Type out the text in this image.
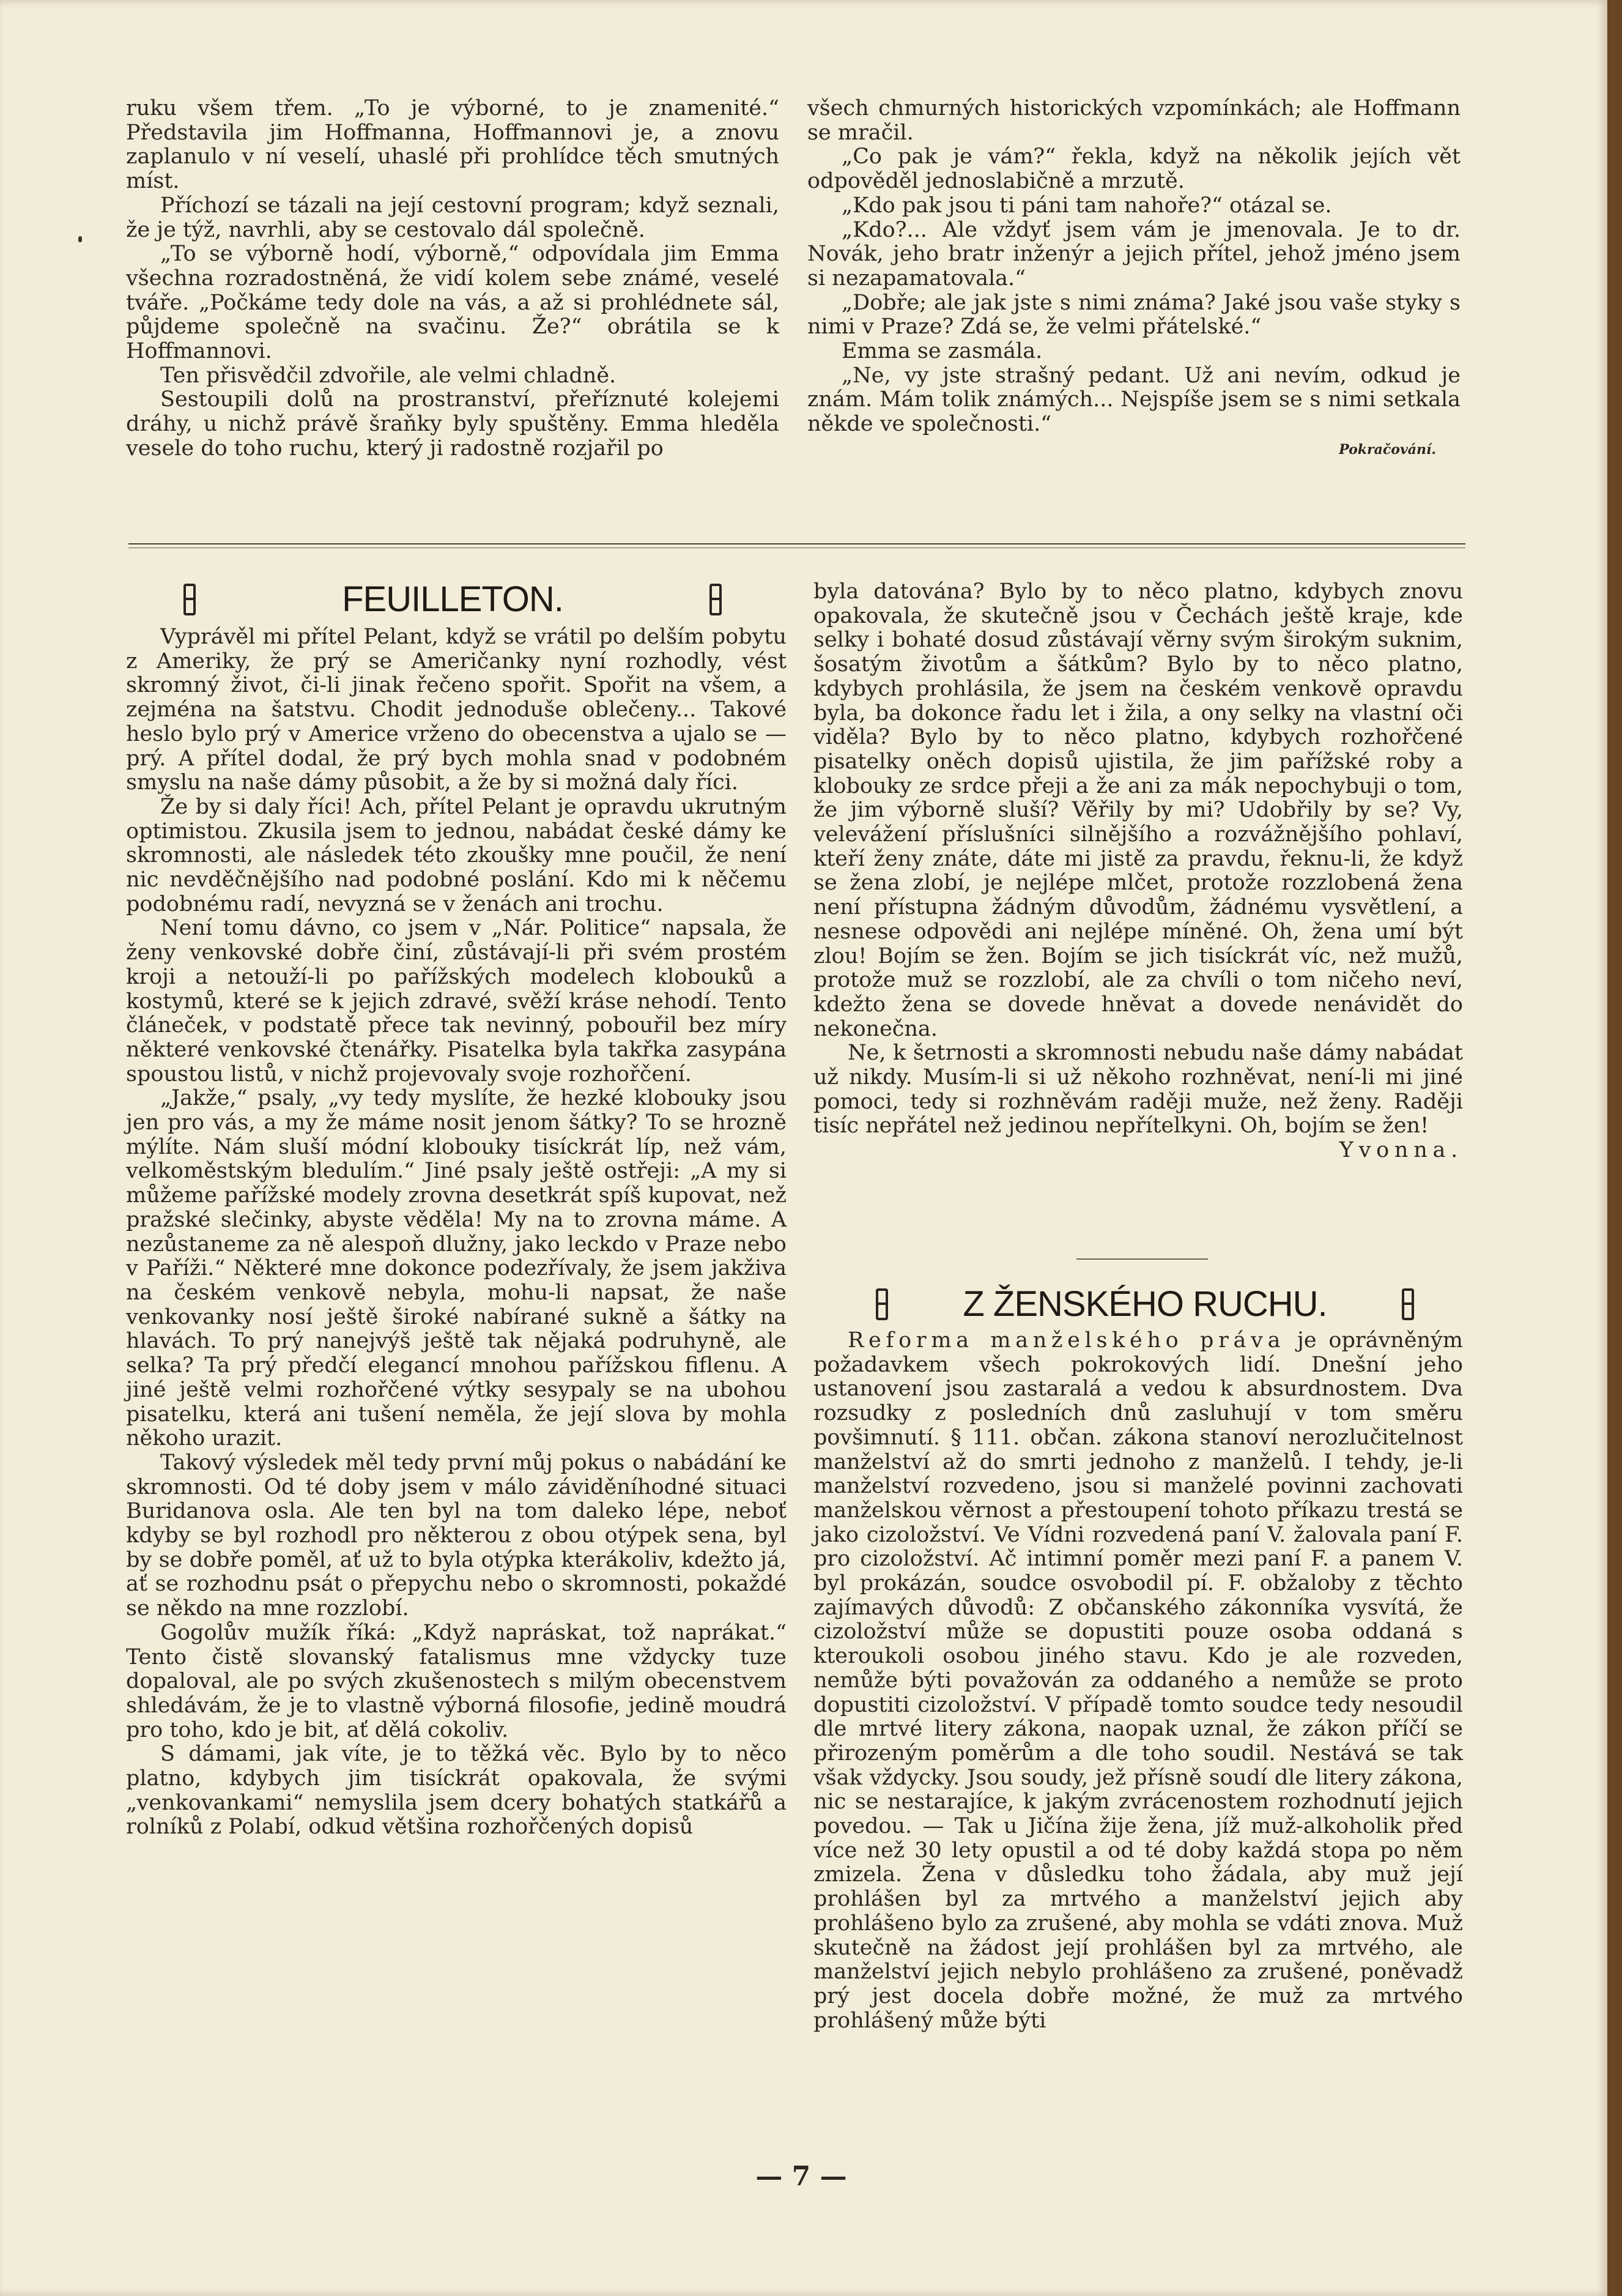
ruku všem třem. „To je výborné, to je znamenité.“ Představila jim Hoffmanna, Hoffmannovi je, a znovu zaplanulo v ní veselí, uhaslé při prohlídce těch smutných míst.

Příchozí se tázali na její cestovní program; když seznali, že je týž, navrhli, aby se cestovalo dál společně.

„To se výborně hodí, výborně,“ odpovídala jim Emma všechna rozradostněná, že vidí kolem sebe známé, veselé tváře. „Počkáme tedy dole na vás, a až si prohlédnete sál, půjdeme společně na svačinu. Že?“ obrátila se k Hoffmannovi.

Ten přisvědčil zdvořile, ale velmi chladně.

Sestoupili dolů na prostranství, přeříznuté kolejemi dráhy, u nichž právě šraňky byly spuštěny. Emma hleděla vesele do toho ruchu, který ji radostně rozjařil po

všech chmurných historických vzpomínkách; ale Hoffmann se mračil.

„Co pak je vám?“ řekla, když na několik jejích vět odpověděl jednoslabičně a mrzutě.

„Kdo pak jsou ti páni tam nahoře?“ otázal se.

„Kdo?... Ale vždyť jsem vám je jmenovala. Je to dr. Novák, jeho bratr inženýr a jejich přítel, jehož jméno jsem si nezapamatovala.“

„Dobře; ale jak jste s nimi známa? Jaké jsou vaše styky s nimi v Praze? Zdá se, že velmi přátelské.“

Emma se zasmála.

„Ne, vy jste strašný pedant. Už ani nevím, odkud je znám. Mám tolik známých... Nejspíše jsem se s nimi setkala někde ve společnosti.“

Pokračování.
FEUILLETON.

Vyprávěl mi přítel Pelant, když se vrátil po delším pobytu z Ameriky, že prý se Američanky nyní rozhodly, vést skromný život, či-li jinak řečeno spořit. Spořit na všem, a zejména na šatstvu. Chodit jednoduše oblečeny... Takové heslo bylo prý v Americe vrženo do obecenstva a ujalo se — prý. A přítel dodal, že prý bych mohla snad v podobném smyslu na naše dámy působit, a že by si možná daly říci.

Že by si daly říci! Ach, přítel Pelant je opravdu ukrutným optimistou. Zkusila jsem to jednou, nabádat české dámy ke skromnosti, ale následek této zkoušky mne poučil, že není nic nevděčnějšího nad podobné poslání. Kdo mi k něčemu podobnému radí, nevyzná se v ženách ani trochu.

Není tomu dávno, co jsem v „Nár. Politice“ napsala, že ženy venkovské dobře činí, zůstávají-li při svém prostém kroji a netouží-li po pařížských modelech klobouků a kostymů, které se k jejich zdravé, svěží kráse nehodí. Tento článeček, v podstatě přece tak nevinný, pobouřil bez míry některé venkovské čtenářky. Pisatelka byla takřka zasypána spoustou listů, v nichž projevovaly svoje rozhořčení.

„Jakže,“ psaly, „vy tedy myslíte, že hezké klobouky jsou jen pro vás, a my že máme nosit jenom šátky? To se hrozně mýlíte. Nám sluší módní klobouky tisíckrát líp, než vám, velkoměstským bledulím.“ Jiné psaly ještě ostřeji: „A my si můžeme pařížské modely zrovna desetkrát spíš kupovat, než pražské slečinky, abyste věděla! My na to zrovna máme. A nezůstaneme za ně alespoň dlužny, jako leckdo v Praze nebo v Paříži.“ Některé mne dokonce podezřívaly, že jsem jakživa na českém venkově nebyla, mohu-li napsat, že naše venkovanky nosí ještě široké nabírané sukně a šátky na hlavách. To prý nanejvýš ještě tak nějaká podruhyně, ale selka? Ta prý předčí elegancí mnohou pařížskou fiflenu. A jiné ještě velmi rozhořčené výtky sesypaly se na ubohou pisatelku, která ani tušení neměla, že její slova by mohla někoho urazit.

Takový výsledek měl tedy první můj pokus o nabádání ke skromnosti. Od té doby jsem v málo záviděníhodné situaci Buridanova osla. Ale ten byl na tom daleko lépe, neboť kdyby se byl rozhodl pro některou z obou otýpek sena, byl by se dobře poměl, ať už to byla otýpka kterákoliv, kdežto já, ať se rozhodnu psát o přepychu nebo o skromnosti, pokaždé se někdo na mne rozzlobí.

Gogolův mužík říká: „Když napráskat, tož naprákat.“ Tento čistě slovanský fatalismus mne vždycky tuze dopaloval, ale po svých zkušenostech s milým obecenstvem shledávám, že je to vlastně výborná filosofie, jedině moudrá pro toho, kdo je bit, ať dělá cokoliv.

S dámami, jak víte, je to těžká věc. Bylo by to něco platno, kdybych jim tisíckrát opakovala, že svými „venkovankami“ nemyslila jsem dcery bohatých statkářů a rolníků z Polabí, odkud většina rozhořčených dopisů

byla datována? Bylo by to něco platno, kdybych znovu opakovala, že skutečně jsou v Čechách ještě kraje, kde selky i bohaté dosud zůstávají věrny svým širokým suknim, šosatým životům a šátkům? Bylo by to něco platno, kdybych prohlásila, že jsem na českém venkově opravdu byla, ba dokonce řadu let i žila, a ony selky na vlastní oči viděla? Bylo by to něco platno, kdybych rozhořčené pisatelky oněch dopisů ujistila, že jim pařížské roby a klobouky ze srdce přeji a že ani za mák nepochybuji o tom, že jim výborně sluší? Věřily by mi? Udobřily by se? Vy, velevážení příslušníci silnějšího a rozvážnějšího pohlaví, kteří ženy znáte, dáte mi jistě za pravdu, řeknu-li, že když se žena zlobí, je nejlépe mlčet, protože rozzlobená žena není přístupna žádným důvodům, žádnému vysvětlení, a nesnese odpovědi ani nejlépe míněné. Oh, žena umí být zlou! Bojím se žen. Bojím se jich tisíckrát víc, než mužů, protože muž se rozzlobí, ale za chvíli o tom ničeho neví, kdežto žena se dovede hněvat a dovede nenávidět do nekonečna.

Ne, k šetrnosti a skromnosti nebudu naše dámy nabádat už nikdy. Musím-li si už někoho rozhněvat, není-li mi jiné pomoci, tedy si rozhněvám raději muže, než ženy. Raději tisíc nepřátel než jedinou nepřítelkyni. Oh, bojím se žen!
Yvonna.

Z ŽENSKÉHO RUCHU.

Reforma manželského práva je oprávněným požadavkem všech pokrokových lidí. Dnešní jeho ustanovení jsou zastaralá a vedou k absurdnostem. Dva rozsudky z posledních dnů zasluhují v tom směru povšimnutí. § 111. občan. zákona stanoví nerozlučitelnost manželství až do smrti jednoho z manželů. I tehdy, je-li manželství rozvedeno, jsou si manželé povinni zachovati manželskou věrnost a přestoupení tohoto příkazu trestá se jako cizoložství. Ve Vídni rozvedená paní V. žalovala paní F. pro cizoložství. Ač intimní poměr mezi paní F. a panem V. byl prokázán, soudce osvobodil pí. F. obžaloby z těchto zajímavých důvodů: Z občanského zákonníka vysvítá, že cizoložství může se dopustiti pouze osoba oddaná s kteroukoli osobou jiného stavu. Kdo je ale rozveden, nemůže býti považován za oddaného a nemůže se proto dopustiti cizoložství. V případě tomto soudce tedy nesoudil dle mrtvé litery zákona, naopak uznal, že zákon příčí se přirozeným poměrům a dle toho soudil. Nestává se tak však vždycky. Jsou soudy, jež přísně soudí dle litery zákona, nic se nestarajíce, k jakým zvrácenostem rozhodnutí jejich povedou. — Tak u Jičína žije žena, jíž muž-alkoholik před více než 30 lety opustil a od té doby každá stopa po něm zmizela. Žena v důsledku toho žádala, aby muž její prohlášen byl za mrtvého a manželství jejich aby prohlášeno bylo za zrušené, aby mohla se vdáti znova. Muž skutečně na žádost její prohlášen byl za mrtvého, ale manželství jejich nebylo prohlášeno za zrušené, poněvadž prý jest docela dobře možné, že muž za mrtvého prohlášený může býti

— 7 —
